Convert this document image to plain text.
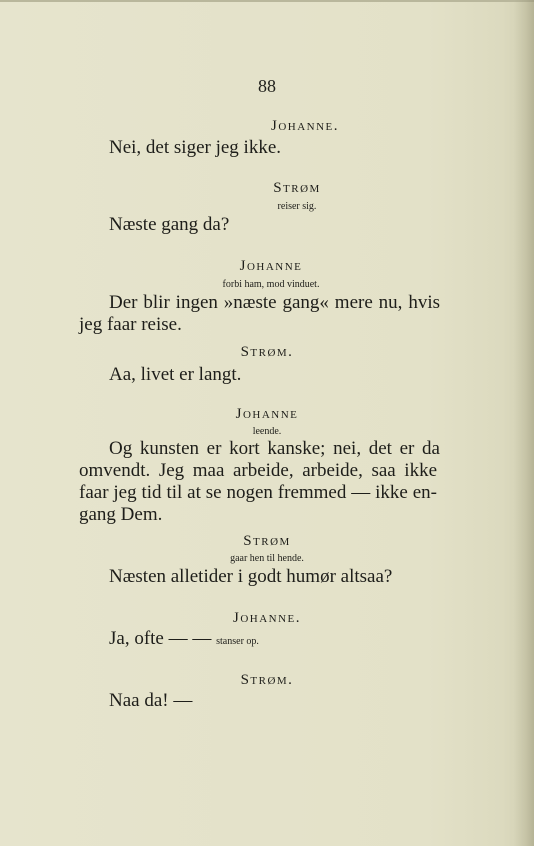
88
Johanne.
Nei, det siger jeg ikke.
Strøm
reiser sig.
Næste gang da?
Johanne
forbi ham, mod vinduet.
Der blir ingen »næste gang« mere nu, hvis
jeg faar reise.
Strøm.
Aa, livet er langt.
Johanne
leende.
Og kunsten er kort kanske; nei, det er da
omvendt. Jeg maa arbeide, arbeide, saa ikke
faar jeg tid til at se nogen fremmed — ikke en-
gang Dem.
Strøm
gaar hen til hende.
Næsten alletider i godt humør altsaa?
Johanne.
Ja, ofte — — stanser op.
Strøm.
Naa da! —
